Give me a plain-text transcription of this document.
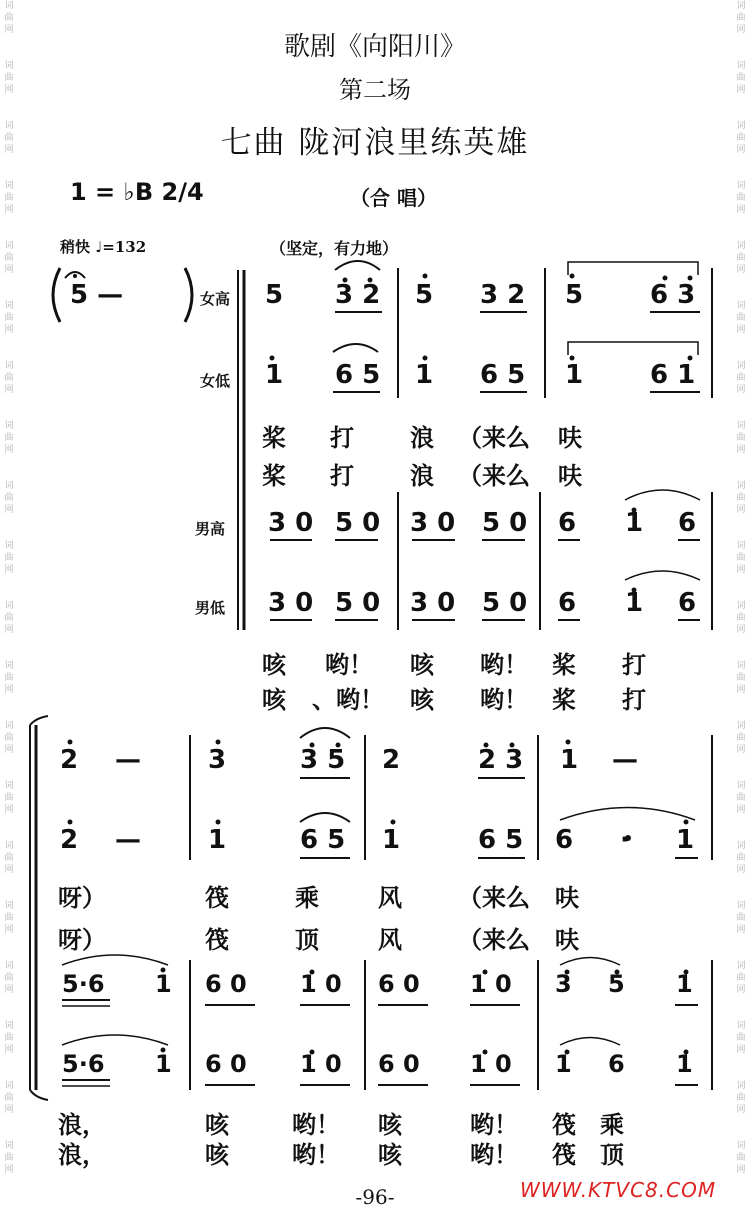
词
曲
网

词
曲
网

词
曲
网

词
曲
网

词
曲
网

词
曲
网

词
曲
网

词
曲
网

词
曲
网

词
曲
网

词
曲
网

词
曲
网

词
曲
网

词
曲
网

词
曲
网

词
曲
网

词
曲
网

词
曲
网

词
曲
网

词
曲
网

词
曲
网

词
曲
网

词
曲
网

词
曲
网

词
曲
网

词
曲
网

词
曲
网

词
曲
网

词
曲
网

词
曲
网

词
曲
网

词
曲
网

词
曲
网

词
曲
网

词
曲
网

词
曲
网

词
曲
网

词
曲
网

词
曲
网

词
曲
网

歌剧《向阳川》
第二场
七曲 陇河浪里练英雄
1 = ♭B 2/4	（合 唱）
稍快 ♩=132	（坚定，有力地）
5 —	女高
女低
男高
男低
5 3 2 5 3 2 5	6 3
1 6 5 1 6 5 1	6 1
3 0 5 0 3 0 5 0 6 1 6
3 0 5 0 3 0 5 0 6 1 6
2 —	3	3 5 2	2 3 1 —
2 —	1	6 5 1	6 5 6 · 1
5·6 1 6 0 1 0 6 0 1 0 3 5 1
5·6 1 6 0 1 0 6 0 1 0 1 6 1
桨 打 浪 （来么 呋
桨 打 浪 （来么 呋
咳 哟！ 咳 哟！ 桨 打
咳 、哟！ 咳 哟！ 桨 打
呀）	筏	乘 风 （来么 呋
呀）	筏	顶 风 （来么 呋
浪，	咳	哟！ 咳	哟！ 筏 乘
浪，	咳	哟！ 咳	哟！ 筏 顶
-96-	WWW.KTVC8.COM
